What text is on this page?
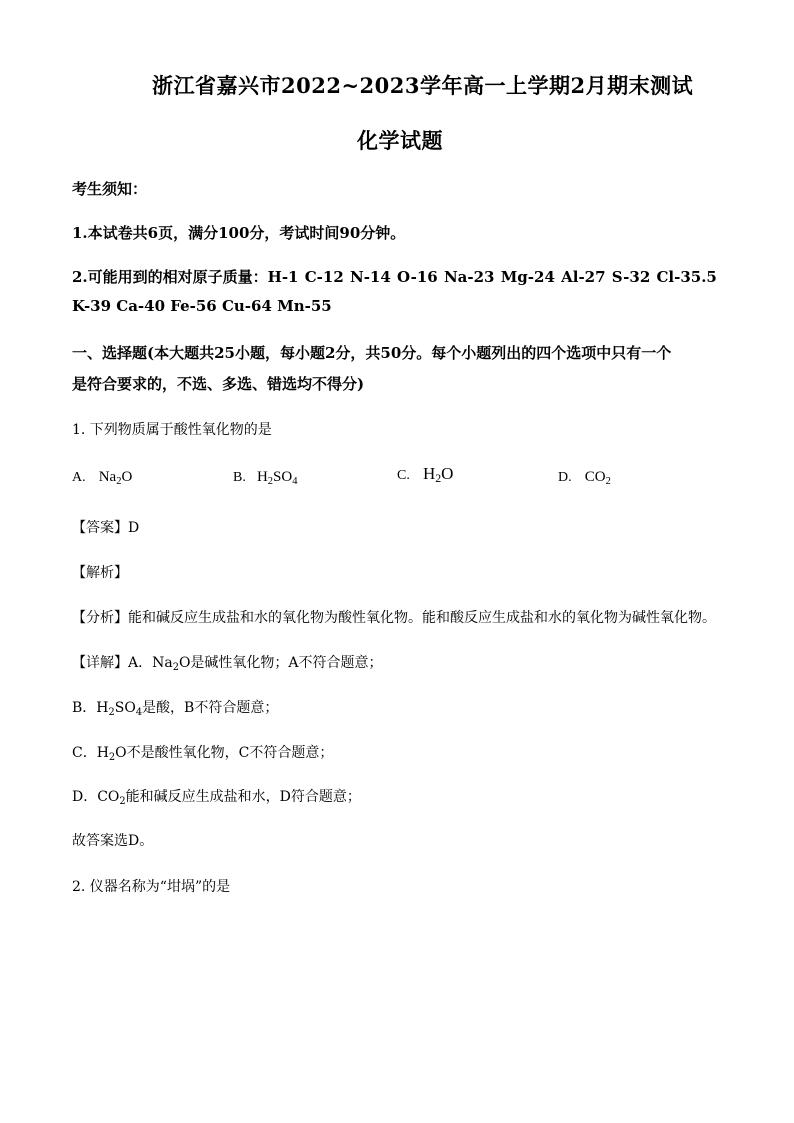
浙江省嘉兴市2022~2023学年高一上学期2月期末测试
化学试题
考生须知：
1.本试卷共6页，满分100分，考试时间90分钟。
2.可能用到的相对原子质量：H-1 C-12 N-14 O-16 Na-23 Mg-24 Al-27 S-32 Cl-35.5
K-39 Ca-40 Fe-56 Cu-64 Mn-55
一、选择题(本大题共25小题，每小题2分，共50分。每个小题列出的四个选项中只有一个
是符合要求的，不选、多选、错选均不得分)
1. 下列物质属于酸性氧化物的是
A. $Na_2O$	B. $H_2SO_4$	C. $H_2O$	D. $CO_2$
【答案】D
【解析】
【分析】能和碱反应生成盐和水的氧化物为酸性氧化物。能和酸反应生成盐和水的氧化物为碱性氧化物。
【详解】A．$Na_2O$是碱性氧化物；A不符合题意；
B．$H_2SO_4$是酸，B不符合题意；
C．$H_2O$不是酸性氧化物，C不符合题意；
D．$CO_2$能和碱反应生成盐和水，D符合题意；
故答案选D。
2. 仪器名称为“坩埚”的是
